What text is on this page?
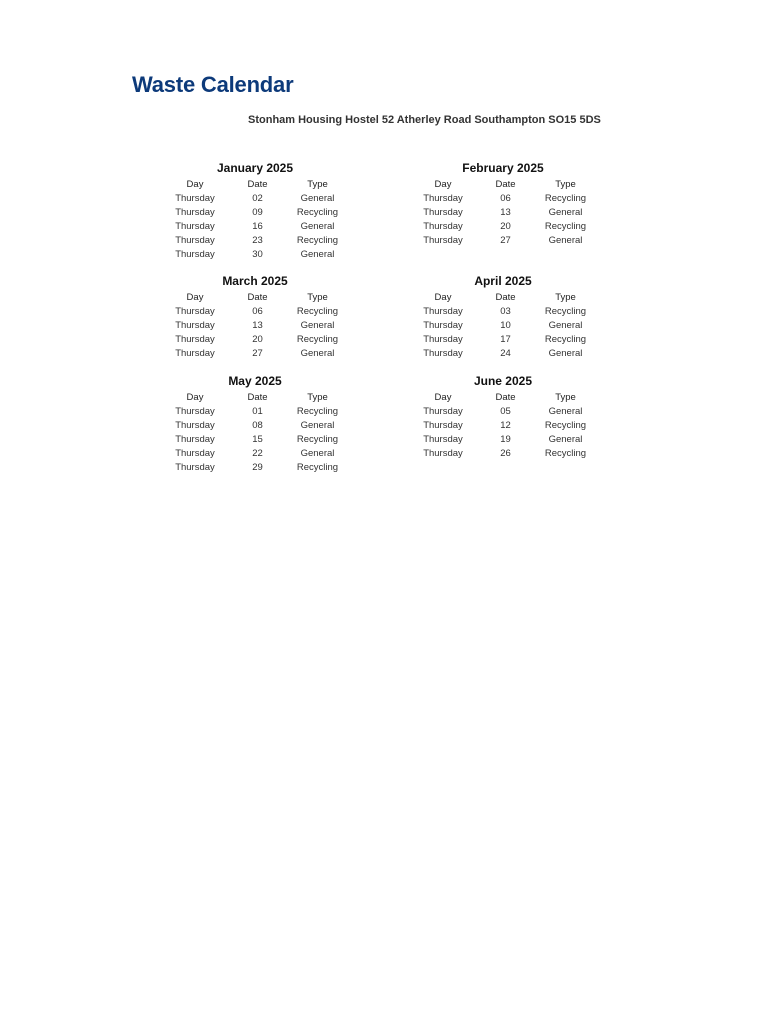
Waste Calendar

Stonham Housing Hostel 52 Atherley Road Southampton SO15 5DS

January 2025
Day	Date	Type
Thursday	02	General
Thursday	09	Recycling
Thursday	16	General
Thursday	23	Recycling
Thursday	30	General
February 2025
Day	Date	Type
Thursday	06	Recycling
Thursday	13	General
Thursday	20	Recycling
Thursday	27	General
March 2025
Day	Date	Type
Thursday	06	Recycling
Thursday	13	General
Thursday	20	Recycling
Thursday	27	General
April 2025
Day	Date	Type
Thursday	03	Recycling
Thursday	10	General
Thursday	17	Recycling
Thursday	24	General
May 2025
Day	Date	Type
Thursday	01	Recycling
Thursday	08	General
Thursday	15	Recycling
Thursday	22	General
Thursday	29	Recycling
June 2025
Day	Date	Type
Thursday	05	General
Thursday	12	Recycling
Thursday	19	General
Thursday	26	Recycling
